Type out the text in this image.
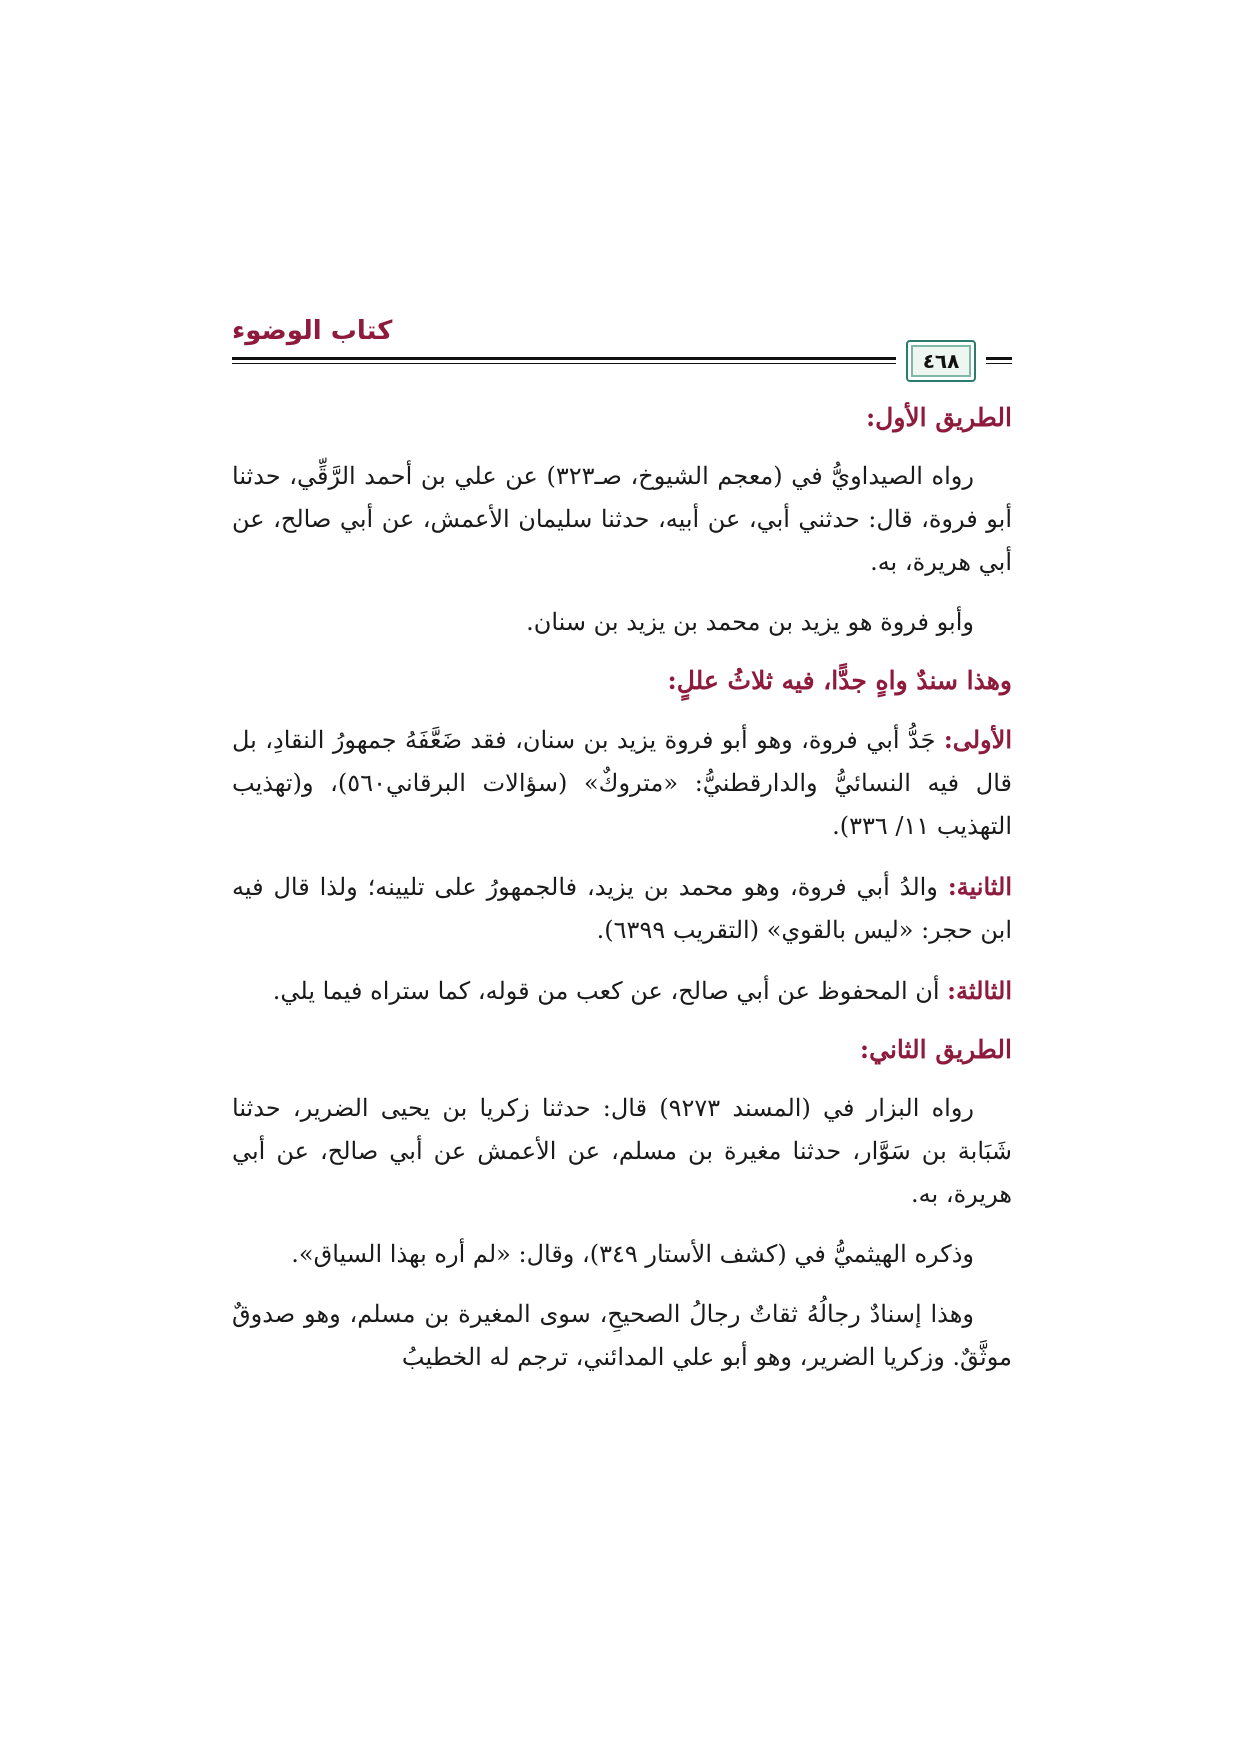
كتاب الوضوء
٤٦٨

الطريق الأول:

رواه الصيداويُّ في (معجم الشيوخ، صـ٣٢٣) عن علي بن أحمد الرَّقِّي، حدثنا أبو فروة، قال: حدثني أبي، عن أبيه، حدثنا سليمان الأعمش، عن أبي صالح، عن أبي هريرة، به.

وأبو فروة هو يزيد بن محمد بن يزيد بن سنان.

وهذا سندٌ واهٍ جدًّا، فيه ثلاثُ عللٍ:

الأولى: جَدُّ أبي فروة، وهو أبو فروة يزيد بن سنان، فقد ضَعَّفَهُ جمهورُ النقادِ، بل قال فيه النسائيُّ والدارقطنيُّ: «متروكٌ» (سؤالات البرقاني٥٦٠)، و(تهذيب التهذيب ١١/ ٣٣٦).

الثانية: والدُ أبي فروة، وهو محمد بن يزيد، فالجمهورُ على تليينه؛ ولذا قال فيه ابن حجر: «ليس بالقوي» (التقريب ٦٣٩٩).

الثالثة: أن المحفوظ عن أبي صالح، عن كعب من قوله، كما ستراه فيما يلي.

الطريق الثاني:

رواه البزار في (المسند ٩٢٧٣) قال: حدثنا زكريا بن يحيى الضرير، حدثنا شَبَابة بن سَوَّار، حدثنا مغيرة بن مسلم، عن الأعمش عن أبي صالح، عن أبي هريرة، به.

وذكره الهيثميُّ في (كشف الأستار ٣٤٩)، وقال: «لم أره بهذا السياق».

وهذا إسنادٌ رجالُهُ ثقاتٌ رجالُ الصحيحِ، سوى المغيرة بن مسلم، وهو صدوقٌ موثَّقٌ. وزكريا الضرير، وهو أبو علي المدائني، ترجم له الخطيبُ
